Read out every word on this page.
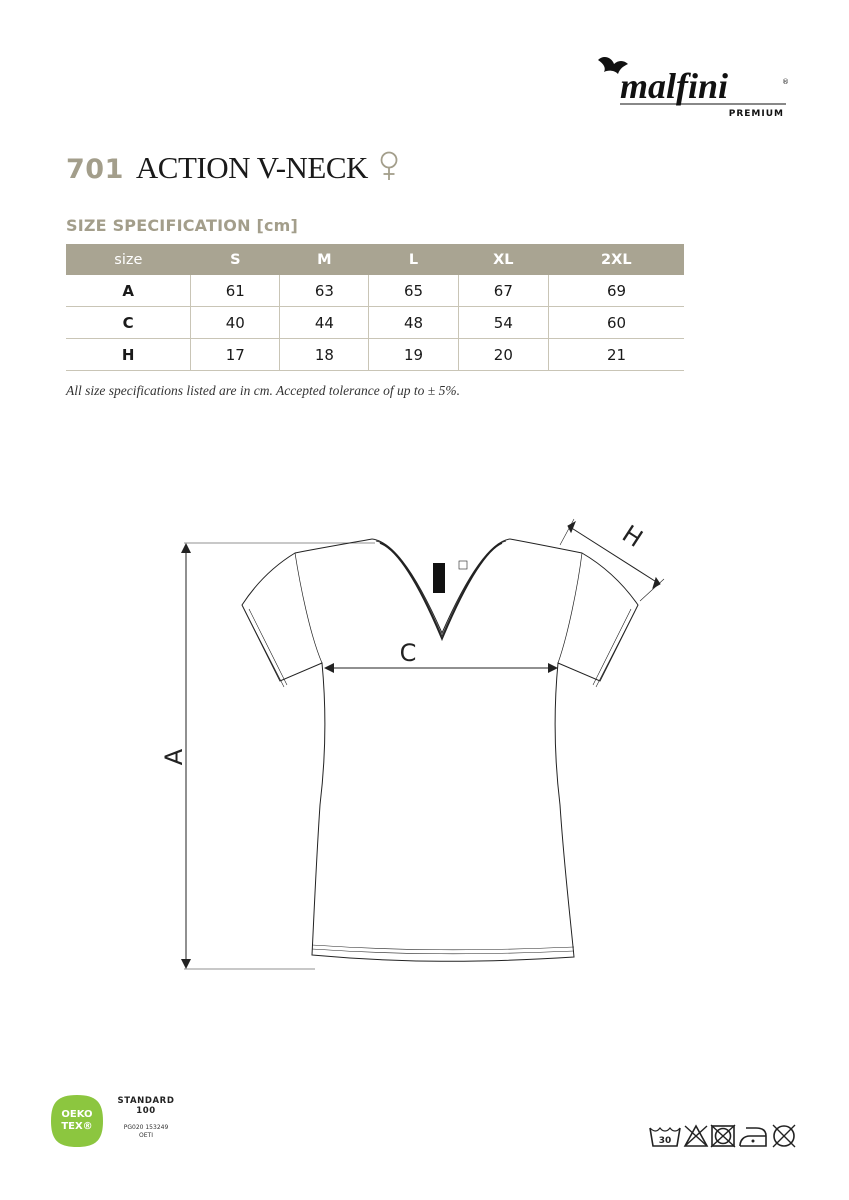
malfini	®
PREMIUM
701 ACTION V-NECK
SIZE SPECIFICATION [cm]
size	S	M	L	XL	2XL
A	61	63	65	67	69
C	40	44	48	54	60
H	17	18	19	20	21
All size specifications listed are in cm. Accepted tolerance of up to ± 5%.
A
C
H
OEKO
TEX®
STANDARD
100
PG020 153249
OETI
30
